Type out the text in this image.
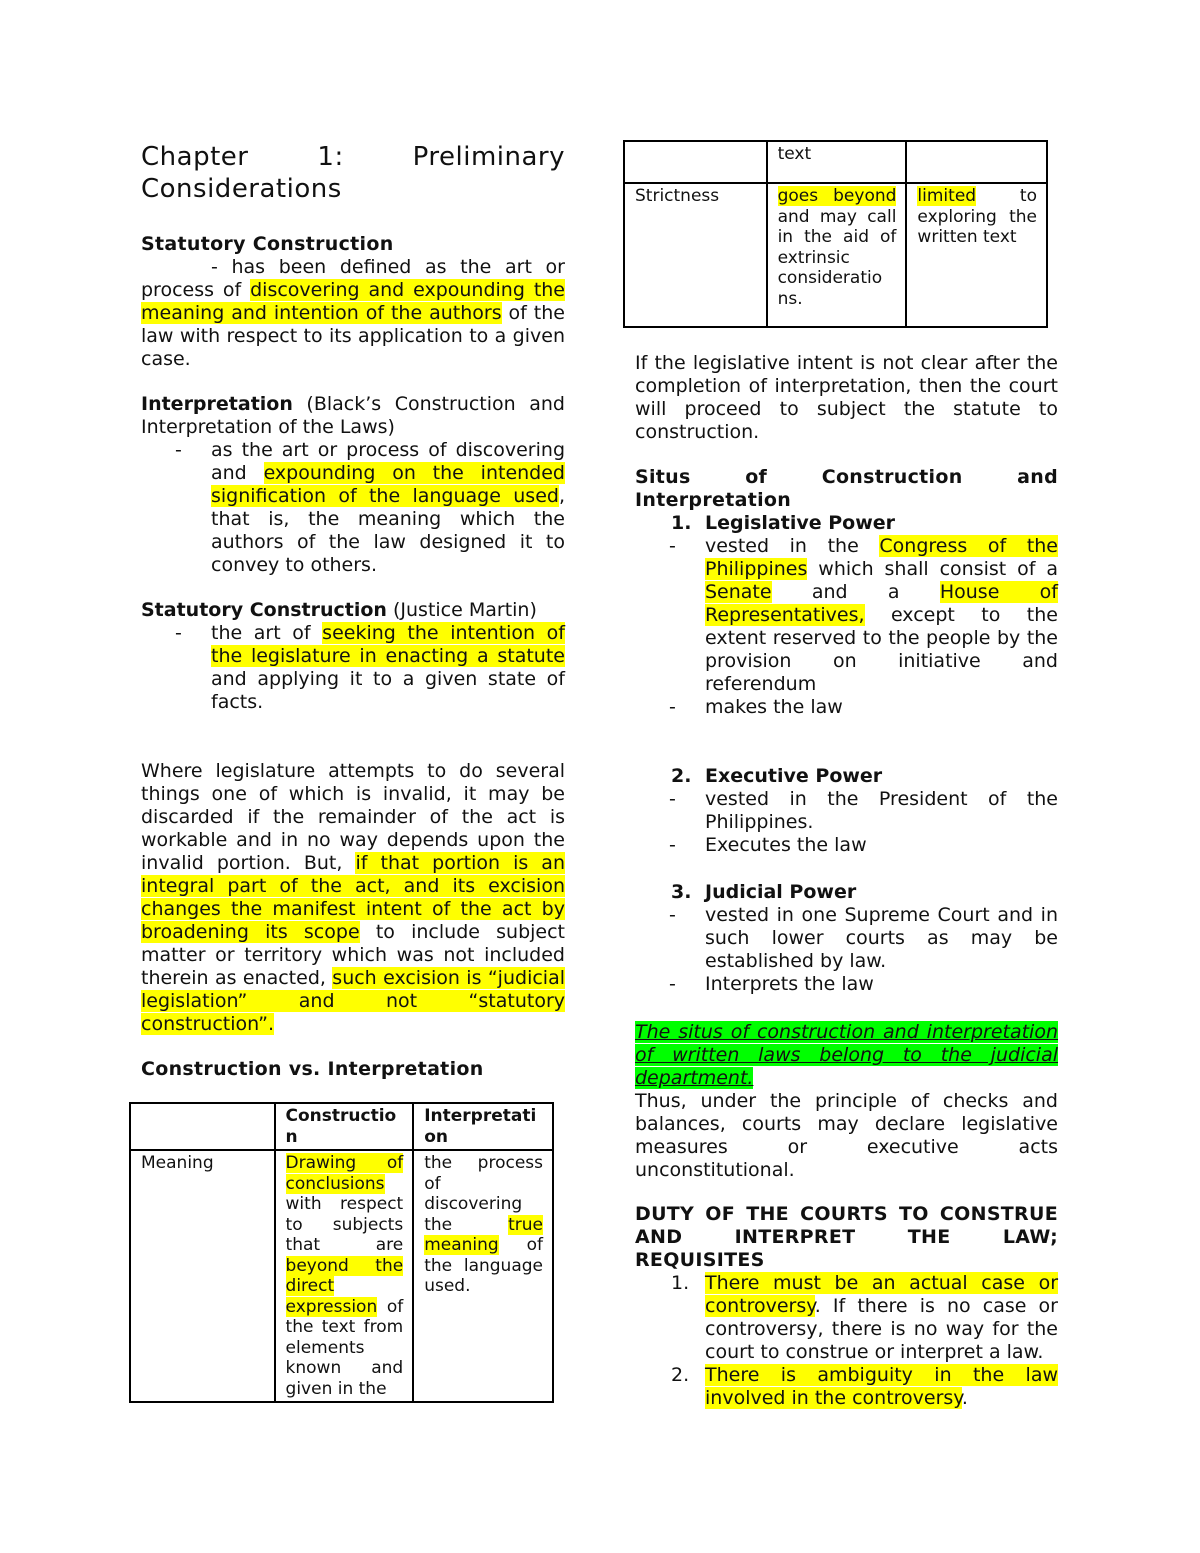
Chapter	1:	Preliminary
Considerations
Statutory Construction
- has been defined as the art or process of discovering and expounding the meaning and intention of the authors of the law with respect to its application to a given case.
Interpretation (Black’s Construction and Interpretation of the Laws)
- as the art or process of discovering and expounding on the intended signification of the language used, that is, the meaning which the authors of the law designed it to convey to others.
Statutory Construction (Justice Martin)
- the art of seeking the intention of the legislature in enacting a statute and applying it to a given state of facts.
Where legislature attempts to do several things one of which is invalid, it may be discarded if the remainder of the act is workable and in no way depends upon the invalid portion. But, if that portion is an integral part of the act, and its excision changes the manifest intent of the act by broadening its scope to include subject matter or territory which was not included therein as enacted, such excision is “judicial legislation” and not “statutory construction”.
Construction vs. Interpretation
	Constructio n	Interpretati on
Meaning	Drawing of conclusions with respect to subjects that are beyond the direct expression of the text from elements known and given in the	the process of discovering the true meaning of the language used.
	text	
Strictness	goes beyond and may call in the aid of extrinsic consideratio ns.	limited to exploring the written text
If the legislative intent is not clear after the completion of interpretation, then the court will proceed to subject the statute to construction.
Situs	of	Construction	and
Interpretation
1. Legislative Power
- vested in the Congress of the Philippines which shall consist of a Senate and a House of Representatives, except to the extent reserved to the people by the provision on initiative and referendum
- makes the law
2. Executive Power
- vested in the President of the Philippines.
- Executes the law
3. Judicial Power
- vested in one Supreme Court and in such lower courts as may be established by law.
- Interprets the law
The situs of construction and interpretation of written laws belong to the judicial department.
Thus, under the principle of checks and balances, courts may declare legislative measures or executive acts unconstitutional.
DUTY OF THE COURTS TO CONSTRUE AND INTERPRET THE LAW; REQUISITES
1. There must be an actual case or controversy. If there is no case or controversy, there is no way for the court to construe or interpret a law.
2. There is ambiguity in the law involved in the controversy.
